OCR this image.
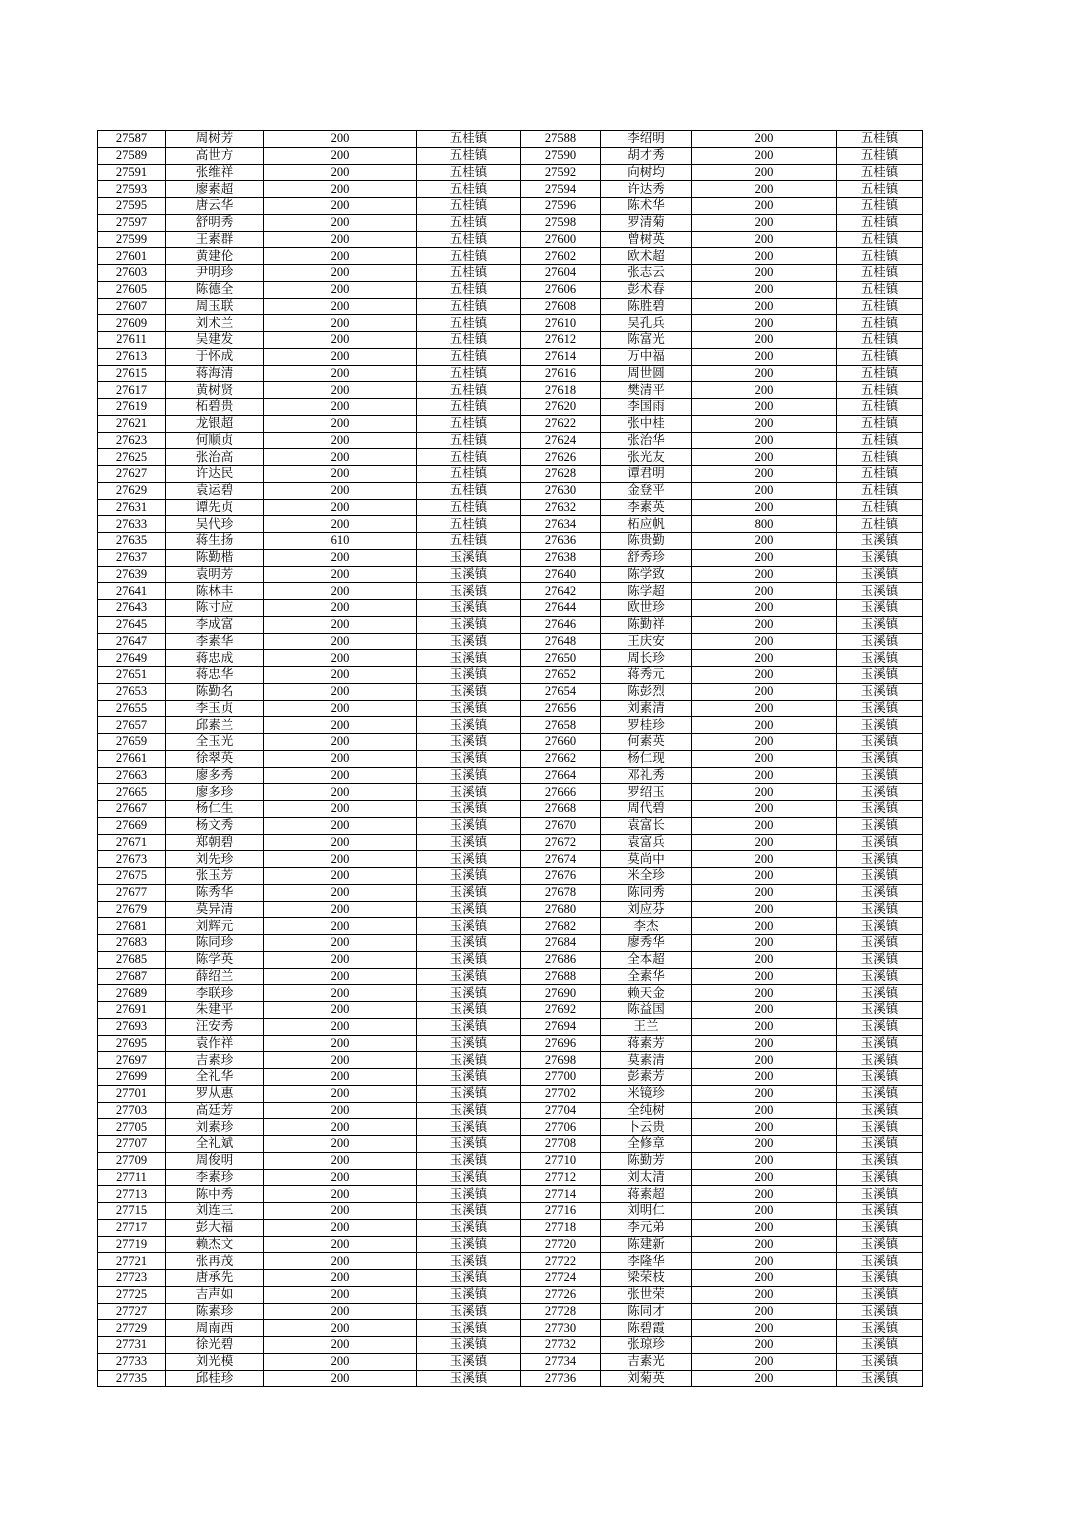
27587	周树芳	200	五桂镇	27588	李绍明	200	五桂镇
27589	高世方	200	五桂镇	27590	胡才秀	200	五桂镇
27591	张维祥	200	五桂镇	27592	向树均	200	五桂镇
27593	廖素超	200	五桂镇	27594	许达秀	200	五桂镇
27595	唐云华	200	五桂镇	27596	陈术华	200	五桂镇
27597	舒明秀	200	五桂镇	27598	罗清菊	200	五桂镇
27599	王素群	200	五桂镇	27600	曾树英	200	五桂镇
27601	黄建伦	200	五桂镇	27602	欧术超	200	五桂镇
27603	尹明珍	200	五桂镇	27604	张志云	200	五桂镇
27605	陈德全	200	五桂镇	27606	彭术春	200	五桂镇
27607	周玉联	200	五桂镇	27608	陈胜碧	200	五桂镇
27609	刘术兰	200	五桂镇	27610	吴孔兵	200	五桂镇
27611	吴建发	200	五桂镇	27612	陈富光	200	五桂镇
27613	于怀成	200	五桂镇	27614	万中福	200	五桂镇
27615	蒋海清	200	五桂镇	27616	周世圆	200	五桂镇
27617	黄树贤	200	五桂镇	27618	樊清平	200	五桂镇
27619	柘碧贵	200	五桂镇	27620	李国雨	200	五桂镇
27621	龙银超	200	五桂镇	27622	张中桂	200	五桂镇
27623	何顺贞	200	五桂镇	27624	张治华	200	五桂镇
27625	张治高	200	五桂镇	27626	张光友	200	五桂镇
27627	许达民	200	五桂镇	27628	谭君明	200	五桂镇
27629	袁运碧	200	五桂镇	27630	金登平	200	五桂镇
27631	谭先贞	200	五桂镇	27632	李素英	200	五桂镇
27633	吴代珍	200	五桂镇	27634	柘应帆	800	五桂镇
27635	蒋生扬	610	五桂镇	27636	陈贵勤	200	玉溪镇
27637	陈勤楷	200	玉溪镇	27638	舒秀珍	200	玉溪镇
27639	袁明芳	200	玉溪镇	27640	陈学致	200	玉溪镇
27641	陈林丰	200	玉溪镇	27642	陈学超	200	玉溪镇
27643	陈寸应	200	玉溪镇	27644	欧世珍	200	玉溪镇
27645	李成富	200	玉溪镇	27646	陈勤祥	200	玉溪镇
27647	李素华	200	玉溪镇	27648	王庆安	200	玉溪镇
27649	蒋忠成	200	玉溪镇	27650	周长珍	200	玉溪镇
27651	蒋忠华	200	玉溪镇	27652	蒋秀元	200	玉溪镇
27653	陈勤名	200	玉溪镇	27654	陈彭烈	200	玉溪镇
27655	李玉贞	200	玉溪镇	27656	刘素清	200	玉溪镇
27657	邱素兰	200	玉溪镇	27658	罗桂珍	200	玉溪镇
27659	全玉光	200	玉溪镇	27660	何素英	200	玉溪镇
27661	徐翠英	200	玉溪镇	27662	杨仁现	200	玉溪镇
27663	廖多秀	200	玉溪镇	27664	邓礼秀	200	玉溪镇
27665	廖多珍	200	玉溪镇	27666	罗绍玉	200	玉溪镇
27667	杨仁生	200	玉溪镇	27668	周代碧	200	玉溪镇
27669	杨文秀	200	玉溪镇	27670	袁富长	200	玉溪镇
27671	郑朝碧	200	玉溪镇	27672	袁富兵	200	玉溪镇
27673	刘先珍	200	玉溪镇	27674	莫尚中	200	玉溪镇
27675	张玉芳	200	玉溪镇	27676	米全珍	200	玉溪镇
27677	陈秀华	200	玉溪镇	27678	陈同秀	200	玉溪镇
27679	莫异清	200	玉溪镇	27680	刘应芬	200	玉溪镇
27681	刘辉元	200	玉溪镇	27682	李杰	200	玉溪镇
27683	陈同珍	200	玉溪镇	27684	廖秀华	200	玉溪镇
27685	陈学英	200	玉溪镇	27686	全本超	200	玉溪镇
27687	薛绍兰	200	玉溪镇	27688	全素华	200	玉溪镇
27689	李联珍	200	玉溪镇	27690	赖天金	200	玉溪镇
27691	朱建平	200	玉溪镇	27692	陈益国	200	玉溪镇
27693	汪安秀	200	玉溪镇	27694	王兰	200	玉溪镇
27695	袁作祥	200	玉溪镇	27696	蒋素芳	200	玉溪镇
27697	吉素珍	200	玉溪镇	27698	莫素清	200	玉溪镇
27699	全礼华	200	玉溪镇	27700	彭素芳	200	玉溪镇
27701	罗从惠	200	玉溪镇	27702	米镜珍	200	玉溪镇
27703	高廷芳	200	玉溪镇	27704	全纯树	200	玉溪镇
27705	刘素珍	200	玉溪镇	27706	卜云贵	200	玉溪镇
27707	全礼斌	200	玉溪镇	27708	全修章	200	玉溪镇
27709	周俊明	200	玉溪镇	27710	陈勤芳	200	玉溪镇
27711	李素珍	200	玉溪镇	27712	刘太清	200	玉溪镇
27713	陈中秀	200	玉溪镇	27714	蒋素超	200	玉溪镇
27715	刘连三	200	玉溪镇	27716	刘明仁	200	玉溪镇
27717	彭大福	200	玉溪镇	27718	李元弟	200	玉溪镇
27719	赖杰文	200	玉溪镇	27720	陈建新	200	玉溪镇
27721	张再茂	200	玉溪镇	27722	李隆华	200	玉溪镇
27723	唐承先	200	玉溪镇	27724	梁荣枝	200	玉溪镇
27725	吉声如	200	玉溪镇	27726	张世荣	200	玉溪镇
27727	陈素珍	200	玉溪镇	27728	陈同才	200	玉溪镇
27729	周南西	200	玉溪镇	27730	陈碧霞	200	玉溪镇
27731	徐光碧	200	玉溪镇	27732	张琼珍	200	玉溪镇
27733	刘光模	200	玉溪镇	27734	吉素光	200	玉溪镇
27735	邱桂珍	200	玉溪镇	27736	刘菊英	200	玉溪镇
